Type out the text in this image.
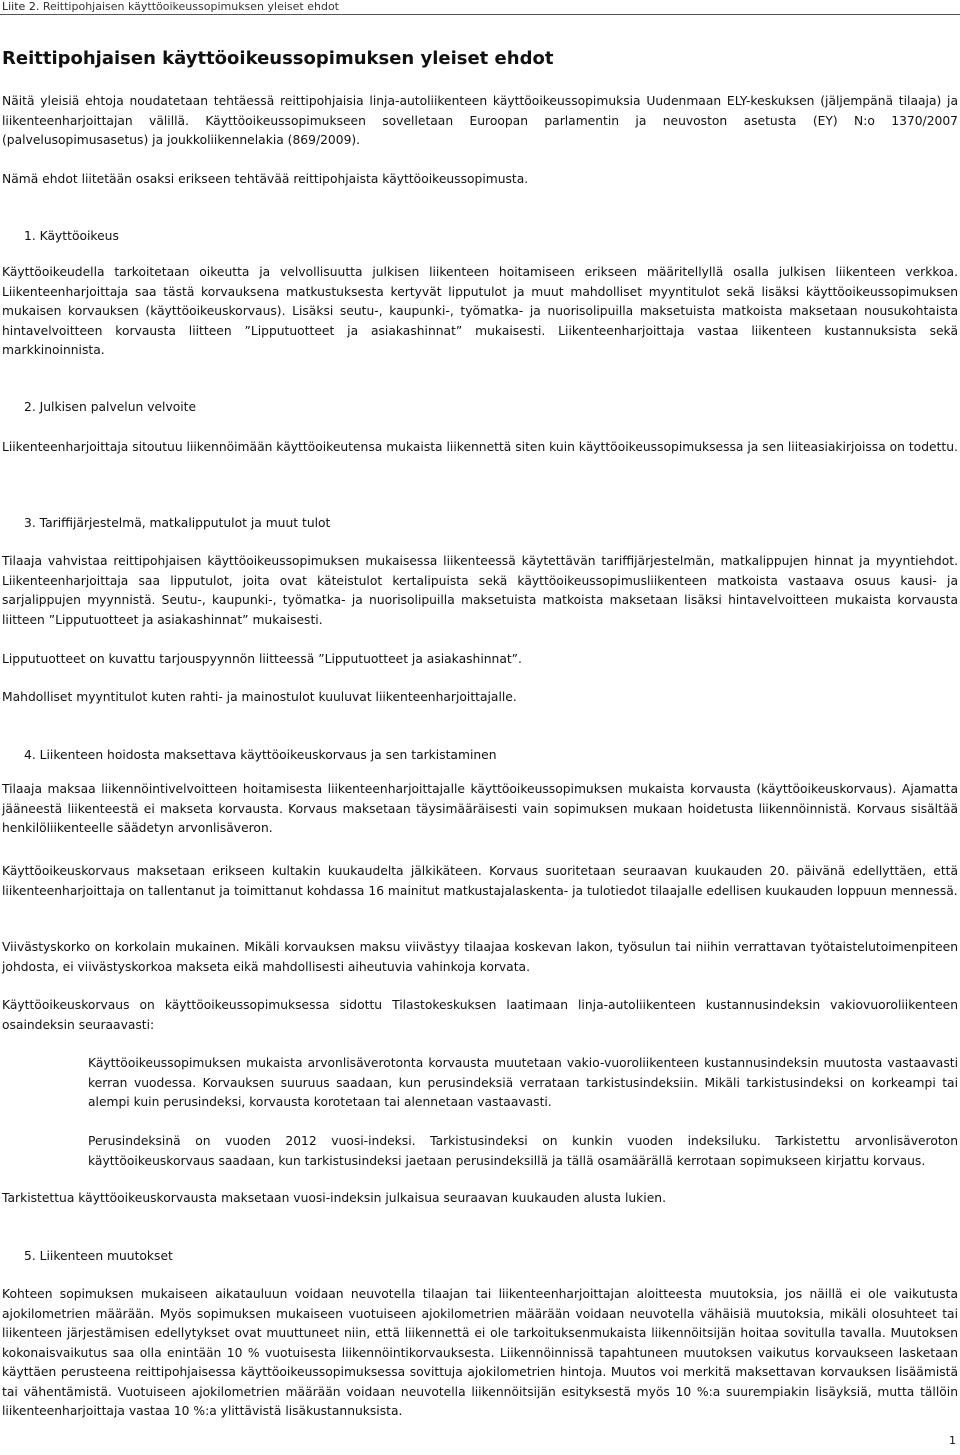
Liite 2. Reittipohjaisen käyttöoikeussopimuksen yleiset ehdot
Reittipohjaisen käyttöoikeussopimuksen yleiset ehdot

Näitä yleisiä ehtoja noudatetaan tehtäessä reittipohjaisia linja-autoliikenteen käyttöoikeussopimuksia Uudenmaan ELY-keskuksen (jäljempänä tilaaja) ja liikenteenharjoittajan välillä. Käyttöoikeussopimukseen sovelletaan Euroopan parlamentin ja neuvoston asetusta (EY) N:o 1370/2007 (palvelusopimusasetus) ja joukkoliikennelakia (869/2009).

Nämä ehdot liitetään osaksi erikseen tehtävää reittipohjaista käyttöoikeussopimusta.

1. Käyttöoikeus

Käyttöoikeudella tarkoitetaan oikeutta ja velvollisuutta julkisen liikenteen hoitamiseen erikseen määritellyllä osalla julkisen liikenteen verkkoa. Liikenteenharjoittaja saa tästä korvauksena matkustuksesta kertyvät lipputulot ja muut mahdolliset myyntitulot sekä lisäksi käyttöoikeussopimuksen mukaisen korvauksen (käyttöoikeuskorvaus). Lisäksi seutu-, kaupunki-, työmatka- ja nuorisolipuilla maksetuista matkoista maksetaan nousukohtaista hintavelvoitteen korvausta liitteen ”Lipputuotteet ja asiakashinnat” mukaisesti. Liikenteenharjoittaja vastaa liikenteen kustannuksista sekä markkinoinnista.

2. Julkisen palvelun velvoite

Liikenteenharjoittaja sitoutuu liikennöimään käyttöoikeutensa mukaista liikennettä siten kuin käyttöoikeussopimuksessa ja sen liiteasiakirjoissa on todettu.

3. Tariffijärjestelmä, matkalipputulot ja muut tulot

Tilaaja vahvistaa reittipohjaisen käyttöoikeussopimuksen mukaisessa liikenteessä käytettävän tariffijärjestelmän, matkalippujen hinnat ja myyntiehdot. Liikenteenharjoittaja saa lipputulot, joita ovat käteistulot kertalipuista sekä käyttöoikeussopimusliikenteen matkoista vastaava osuus kausi- ja sarjalippujen myynnistä. Seutu-, kaupunki-, työmatka- ja nuorisolipuilla maksetuista matkoista maksetaan lisäksi hintavelvoitteen mukaista korvausta liitteen ”Lipputuotteet ja asiakashinnat” mukaisesti.

Lipputuotteet on kuvattu tarjouspyynnön liitteessä ”Lipputuotteet ja asiakashinnat”.

Mahdolliset myyntitulot kuten rahti- ja mainostulot kuuluvat liikenteenharjoittajalle.

4. Liikenteen hoidosta maksettava käyttöoikeuskorvaus ja sen tarkistaminen

Tilaaja maksaa liikennöintivelvoitteen hoitamisesta liikenteenharjoittajalle käyttöoikeussopimuksen mukaista korvausta (käyttöoikeuskorvaus). Ajamatta jääneestä liikenteestä ei makseta korvausta. Korvaus maksetaan täysimääräisesti vain sopimuksen mukaan hoidetusta liikennöinnistä. Korvaus sisältää henkilöliikenteelle säädetyn arvonlisäveron.

Käyttöoikeuskorvaus maksetaan erikseen kultakin kuukaudelta jälkikäteen. Korvaus suoritetaan seuraavan kuukauden 20. päivänä edellyttäen, että liikenteenharjoittaja on tallentanut ja toimittanut kohdassa 16 mainitut matkustajalaskenta- ja tulotiedot tilaajalle edellisen kuukauden loppuun mennessä.

Viivästyskorko on korkolain mukainen. Mikäli korvauksen maksu viivästyy tilaajaa koskevan lakon, työsulun tai niihin verrattavan työtaistelutoimenpiteen johdosta, ei viivästyskorkoa makseta eikä mahdollisesti aiheutuvia vahinkoja korvata.

Käyttöoikeuskorvaus on käyttöoikeussopimuksessa sidottu Tilastokeskuksen laatimaan linja-autoliikenteen kustannusindeksin vakiovuoroliikenteen osaindeksin seuraavasti:

Käyttöoikeussopimuksen mukaista arvonlisäverotonta korvausta muutetaan vakio-vuoroliikenteen kustannusindeksin muutosta vastaavasti kerran vuodessa. Korvauksen suuruus saadaan, kun perusindeksiä verrataan tarkistusindeksiin. Mikäli tarkistusindeksi on korkeampi tai alempi kuin perusindeksi, korvausta korotetaan tai alennetaan vastaavasti.

Perusindeksinä on vuoden 2012 vuosi-indeksi. Tarkistusindeksi on kunkin vuoden indeksiluku. Tarkistettu arvonlisäveroton käyttöoikeuskorvaus saadaan, kun tarkistusindeksi jaetaan perusindeksillä ja tällä osamäärällä kerrotaan sopimukseen kirjattu korvaus.

Tarkistettua käyttöoikeuskorvausta maksetaan vuosi-indeksin julkaisua seuraavan kuukauden alusta lukien.

5. Liikenteen muutokset

Kohteen sopimuksen mukaiseen aikatauluun voidaan neuvotella tilaajan tai liikenteenharjoittajan aloitteesta muutoksia, jos näillä ei ole vaikutusta ajokilometrien määrään. Myös sopimuksen mukaiseen vuotuiseen ajokilometrien määrään voidaan neuvotella vähäisiä muutoksia, mikäli olosuhteet tai liikenteen järjestämisen edellytykset ovat muuttuneet niin, että liikennettä ei ole tarkoituksenmukaista liikennöitsijän hoitaa sovitulla tavalla. Muutoksen kokonaisvaikutus saa olla enintään 10 % vuotuisesta liikennöintikorvauksesta. Liikennöinnissä tapahtuneen muutoksen vaikutus korvaukseen lasketaan käyttäen perusteena reittipohjaisessa käyttöoikeussopimuksessa sovittuja ajokilometrien hintoja. Muutos voi merkitä maksettavan korvauksen lisäämistä tai vähentämistä. Vuotuiseen ajokilometrien määrään voidaan neuvotella liikennöitsijän esityksestä myös 10 %:a suurempiakin lisäyksiä, mutta tällöin liikenteenharjoittaja vastaa 10 %:a ylittävistä lisäkustannuksista.

1
